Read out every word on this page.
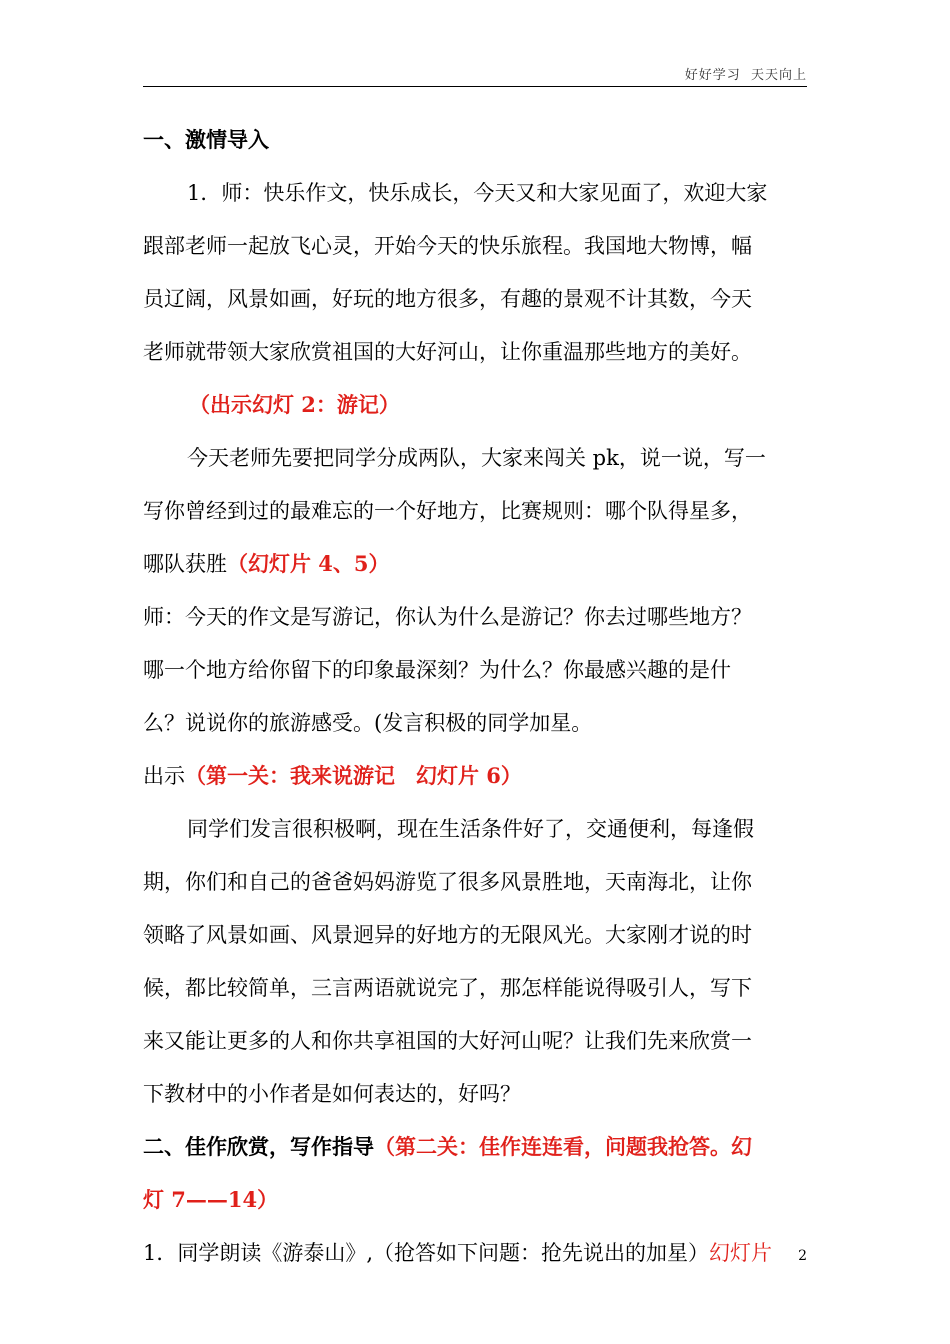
好好学习  天天向上
一、激情导入
1．师：快乐作文，快乐成长，今天又和大家见面了，欢迎大家
跟部老师一起放飞心灵，开始今天的快乐旅程。我国地大物博，幅
员辽阔，风景如画，好玩的地方很多，有趣的景观不计其数，今天
老师就带领大家欣赏祖国的大好河山，让你重温那些地方的美好。
（出示幻灯 2：游记）
今天老师先要把同学分成两队，大家来闯关 pk，说一说，写一
写你曾经到过的最难忘的一个好地方，比赛规则：哪个队得星多，
哪队获胜（幻灯片 4、5）
师：今天的作文是写游记，你认为什么是游记？你去过哪些地方？
哪一个地方给你留下的印象最深刻？为什么？你最感兴趣的是什
么？说说你的旅游感受。(发言积极的同学加星。
出示（第一关：我来说游记　幻灯片 6）
同学们发言很积极啊，现在生活条件好了，交通便利，每逢假
期，你们和自己的爸爸妈妈游览了很多风景胜地，天南海北，让你
领略了风景如画、风景迥异的好地方的无限风光。大家刚才说的时
候，都比较简单，三言两语就说完了，那怎样能说得吸引人，写下
来又能让更多的人和你共享祖国的大好河山呢？让我们先来欣赏一
下教材中的小作者是如何表达的，好吗？
二、佳作欣赏，写作指导（第二关：佳作连连看，问题我抢答。幻
灯 7——14）
1．同学朗读《游泰山》,（抢答如下问题：抢先说出的加星）幻灯片	2
